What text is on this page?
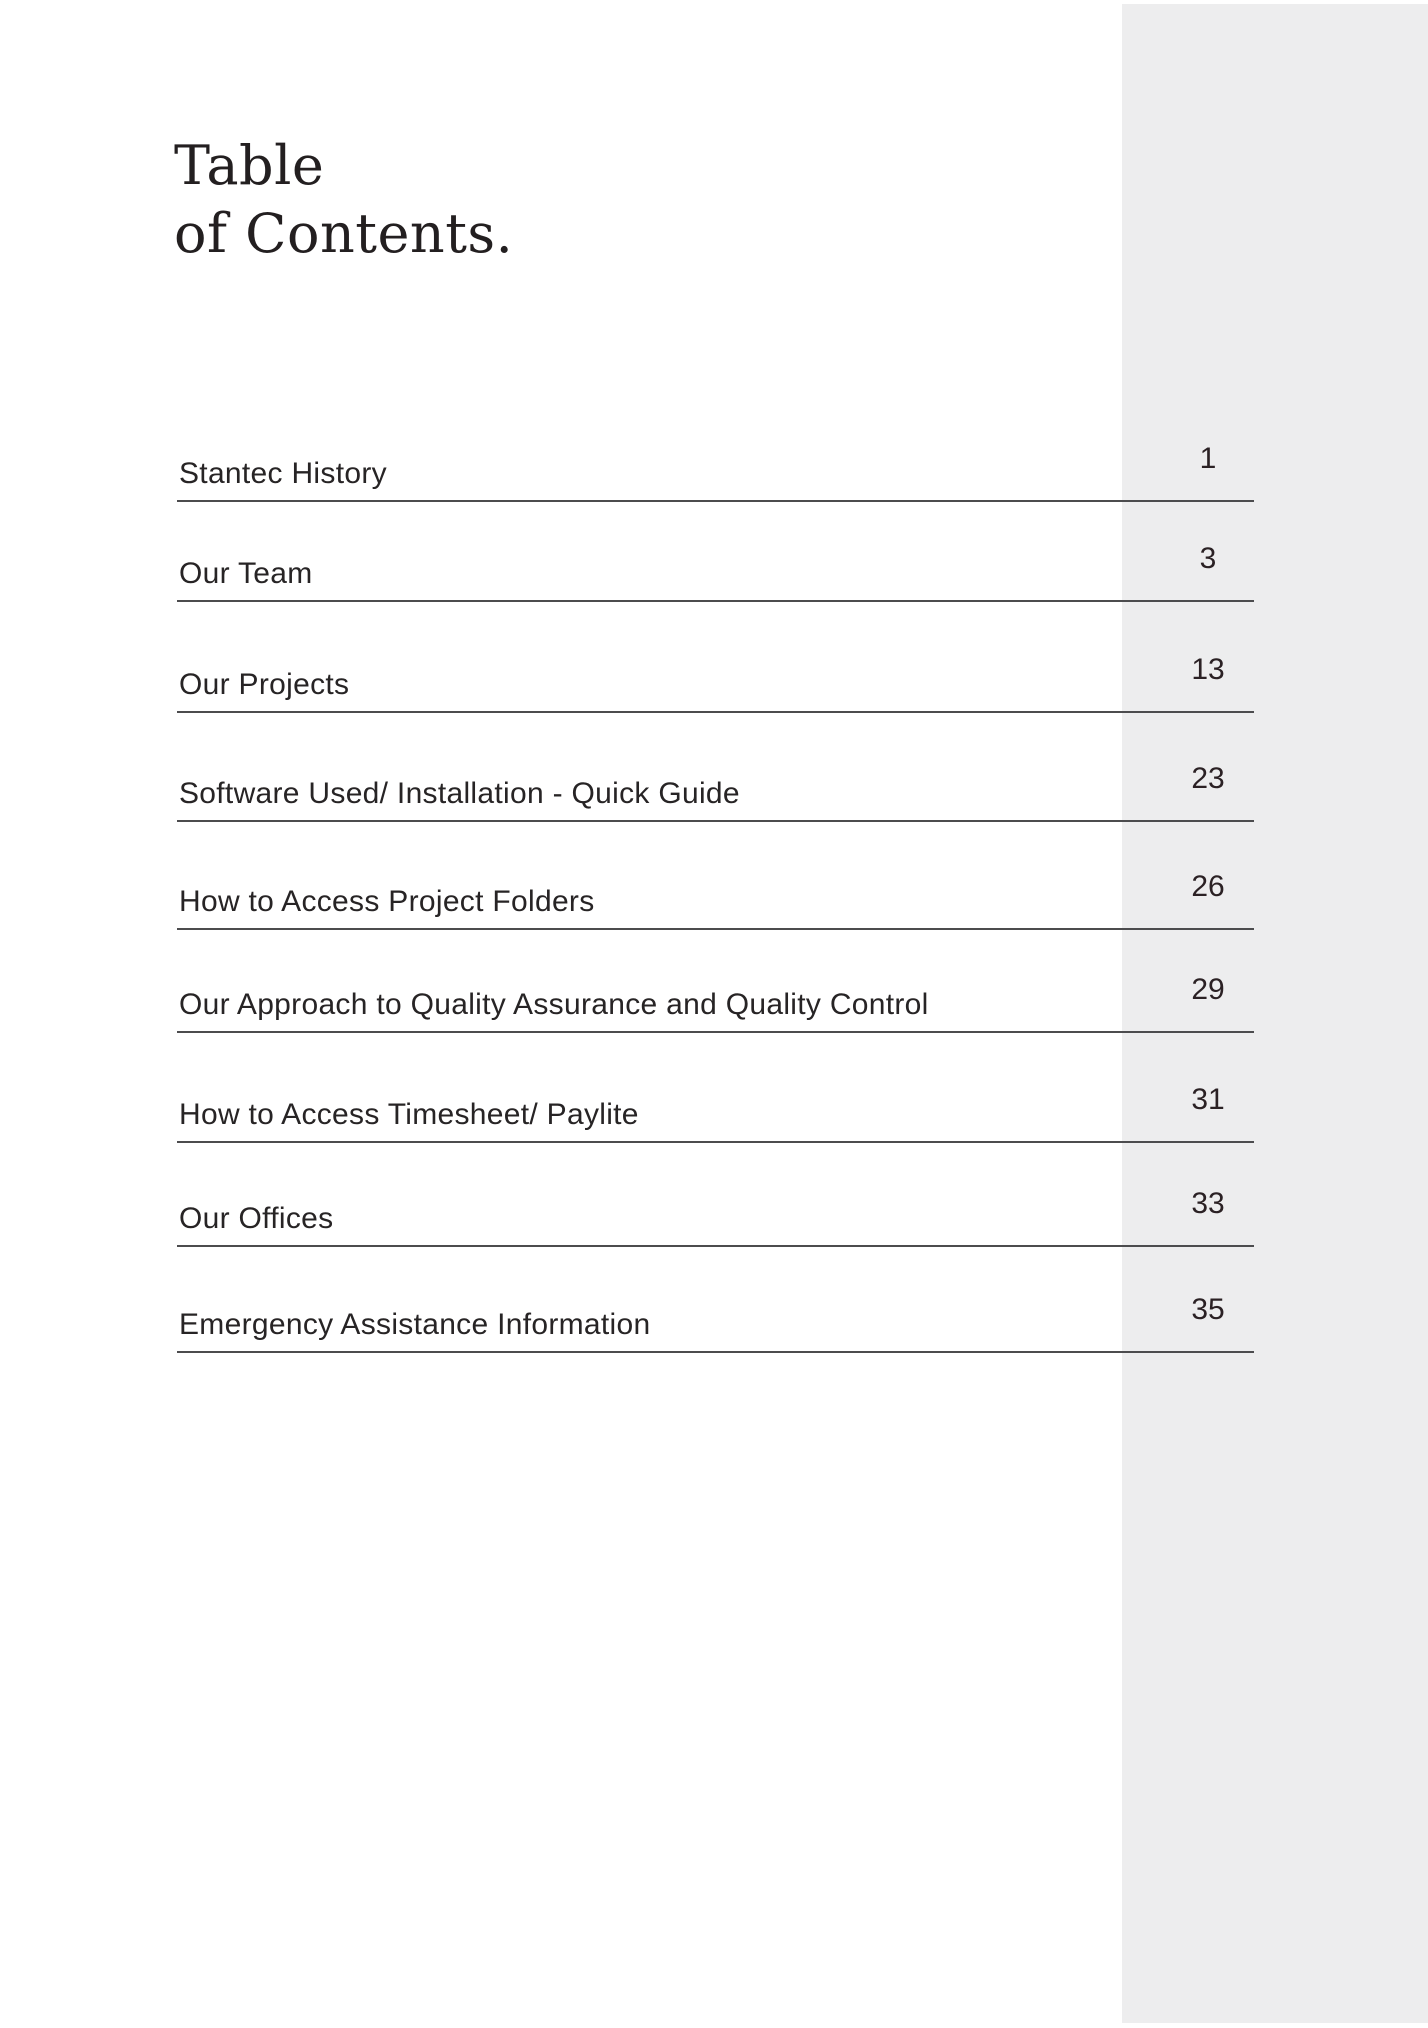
Table
of Contents.
Stantec History	1
Our Team	3
Our Projects	13
Software Used/ Installation - Quick Guide	23
How to Access Project Folders	26
Our Approach to Quality Assurance and Quality Control	29
How to Access Timesheet/ Paylite	31
Our Offices	33
Emergency Assistance Information	35
